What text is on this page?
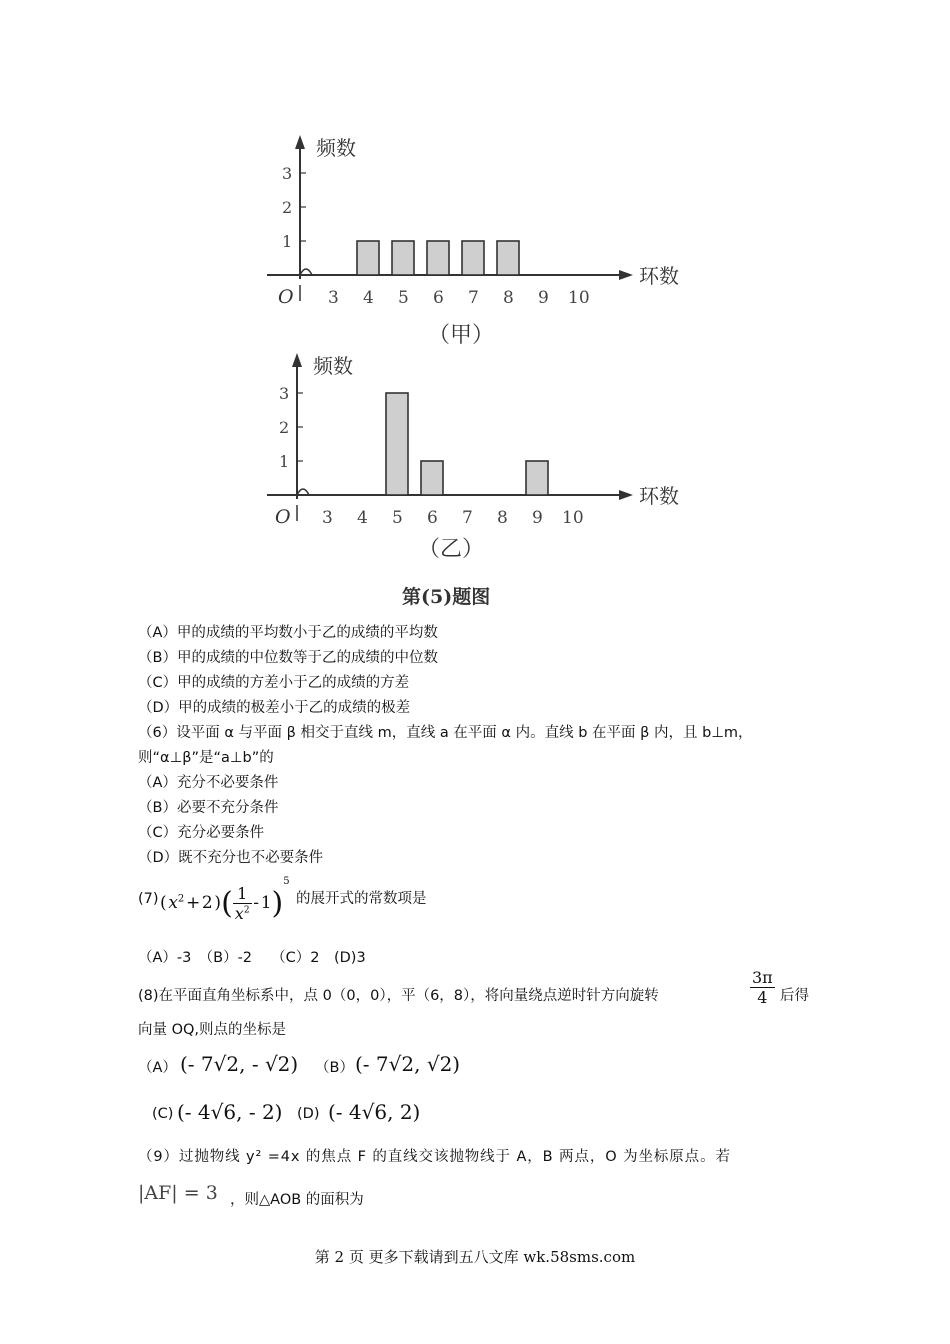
频数
环数
O
1
2
3
3 4 5 6 7 8 9 10
（甲）
频数
环数
O
1
2
3
3 4 5 6 7 8 9 10
（乙）
第(5)题图
（A）甲的成绩的平均数小于乙的成绩的平均数
（B）甲的成绩的中位数等于乙的成绩的中位数
（C）甲的成绩的方差小于乙的成绩的方差
（D）甲的成绩的极差小于乙的成绩的极差
（6）设平面 α 与平面 β 相交于直线 m，直线 a 在平面 α 内。直线 b 在平面 β 内，且 b⊥m，
则“α⊥β”是“a⊥b”的
（A）充分不必要条件
（B）必要不充分条件
（C）充分必要条件
（D）既不充分也不必要条件
(7) ( $x^2$ + 2 )( $\frac{1}{x^2}$  - 1)$^5$
的展开式的常数项是
（A）-3　（B）-2　 （C）2　(D)3
(8)在平面直角坐标系中，点 0（0，0），平（6，8），将向量绕点逆时针方向旋转	$\frac{3\pi}{4}$ 后得
向量 OQ,则点的坐标是
（A） (- 7√2, - √2) （B） (- 7√2, √2)
(C) (- 4√6, - 2) (D) (- 4√6, 2)
（9）过抛物线 y² =4x 的焦点 F 的直线交该抛物线于 A，B 两点，O 为坐标原点。若
|AF| = 3 ，则△AOB 的面积为
第 2 页 更多下载请到五八文库 wk.58sms.com
